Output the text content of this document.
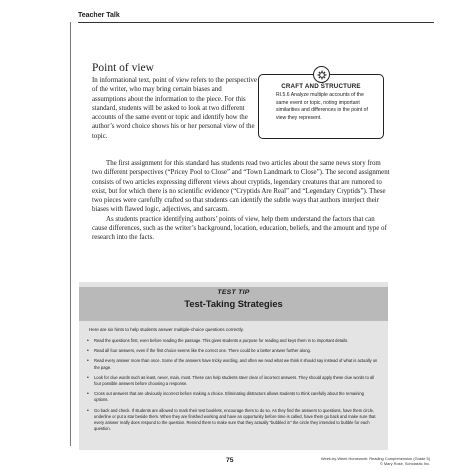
Teacher Talk
Point of view

In informational text, point of view refers to the perspective of the writer, who may bring certain biases and assumptions about the information to the piece. For this standard, students will be asked to look at two different accounts of the same event or topic and identify how the author’s word choice shows his or her personal view of the topic.

CRAFT AND STRUCTURE
RI.5.6 Analyze multiple accounts of the same event or topic, noting important similarities and differences in the point of view they represent.

The first assignment for this standard has students read two articles about the same news story from two different perspectives (“Pricey Pool to Close” and “Town Landmark to Close”). The second assignment consists of two articles expressing different views about cryptids, legendary creatures that are rumored to exist, but for which there is no scientific evidence (“Cryptids Are Real” and “Legendary Cryptids”). These two pieces were carefully crafted so that students can identify the subtle ways that authors interject their biases with flawed logic, adjectives, and sarcasm.

As students practice identifying authors’ points of view, help them understand the factors that can cause differences, such as the writer’s background, location, education, beliefs, and the amount and type of research into the facts.

TEST TIP
Test-Taking Strategies
Here are six hints to help students answer multiple-choice questions correctly.
• Read the questions first, even before reading the passage. This gives students a purpose for reading and keys them in to important details.
• Read all four answers, even if the first choice seems like the correct one. There could be a better answer further along.
• Read every answer more than once. Some of the answers have tricky wording, and often we read what we think it should say instead of what is actually on the page.
• Look for clue words such as least, never, main, most. These can help students steer clear of incorrect answers. They should apply these clue words to all four possible answers before choosing a response.
• Cross out answers that are obviously incorrect before making a choice. Eliminating distractors allows students to think carefully about the remaining options.
• Go back and check. If students are allowed to mark their test booklets, encourage them to do so. As they find the answers to questions, have them circle, underline or put a star beside them. When they are finished working and have an opportunity before time is called, have them go back and make sure that every answer really does respond to the question. Remind them to make sure that they actually “bubbled in” the circle they intended to bubble for each question.
75	Week-by-Week Homework: Reading Comprehension (Grade 5)
© Mary Rose, Scholastic Inc.
